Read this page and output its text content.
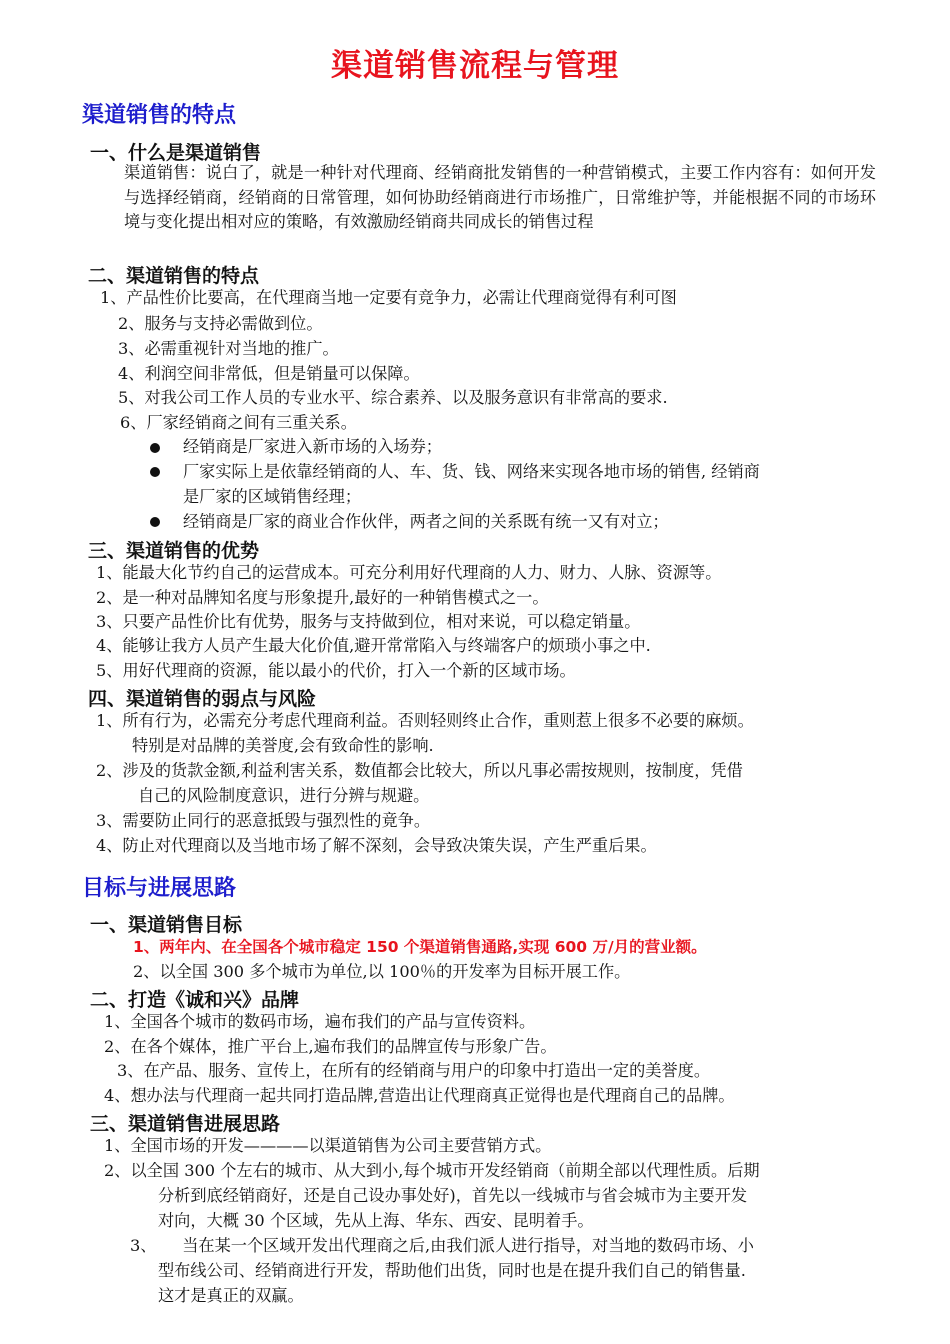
渠道销售流程与管理
渠道销售的特点
一、什么是渠道销售
渠道销售：说白了，就是一种针对代理商、经销商批发销售的一种营销模式，主要工作内容有：如何开发与选择经销商，经销商的日常管理，如何协助经销商进行市场推广，日常维护等，并能根据不同的市场环境与变化提出相对应的策略，有效激励经销商共同成长的销售过程
二、渠道销售的特点
1、产品性价比要高，在代理商当地一定要有竞争力，必需让代理商觉得有利可图
2、服务与支持必需做到位。
3、必需重视针对当地的推广。
4、利润空间非常低，但是销量可以保障。
5、对我公司工作人员的专业水平、综合素养、以及服务意识有非常高的要求.
6、厂家经销商之间有三重关系。
经销商是厂家进入新市场的入场券；
厂家实际上是依靠经销商的人、车、货、钱、网络来实现各地市场的销售, 经销商
是厂家的区域销售经理；
经销商是厂家的商业合作伙伴，两者之间的关系既有统一又有对立；
三、渠道销售的优势
1、能最大化节约自己的运营成本。可充分利用好代理商的人力、财力、人脉、资源等。
2、是一种对品牌知名度与形象提升,最好的一种销售模式之一。
3、只要产品性价比有优势，服务与支持做到位，相对来说，可以稳定销量。
4、能够让我方人员产生最大化价值,避开常常陷入与终端客户的烦琐小事之中.
5、用好代理商的资源，能以最小的代价，打入一个新的区域市场。
四、渠道销售的弱点与风险
1、所有行为，必需充分考虑代理商利益。否则轻则终止合作，重则惹上很多不必要的麻烦。
特别是对品牌的美誉度,会有致命性的影响.
2、涉及的货款金额,利益利害关系，数值都会比较大，所以凡事必需按规则，按制度，凭借
自己的风险制度意识，进行分辨与规避。
3、需要防止同行的恶意抵毁与强烈性的竟争。
4、防止对代理商以及当地市场了解不深刻，会导致决策失误，产生严重后果。
目标与进展思路
一、渠道销售目标
1、两年内、在全国各个城市稳定 150 个渠道销售通路,实现 600 万/月的营业额。
2、以全国 300 多个城市为单位,以 100％的开发率为目标开展工作。
二、打造《诚和兴》品牌
1、全国各个城市的数码市场，遍布我们的产品与宣传资料。
2、在各个媒体，推广平台上,遍布我们的品牌宣传与形象广告。
3、在产品、服务、宣传上，在所有的经销商与用户的印象中打造出一定的美誉度。
4、想办法与代理商一起共同打造品牌,营造出让代理商真正觉得也是代理商自己的品牌。
三、渠道销售进展思路
1、全国市场的开发————以渠道销售为公司主要营销方式。
2、以全国 300 个左右的城市、从大到小,每个城市开发经销商（前期全部以代理性质。后期
分析到底经销商好，还是自己设办事处好)，首先以一线城市与省会城市为主要开发
对向，大概 30 个区域，先从上海、华东、西安、昆明着手。
3、     当在某一个区域开发出代理商之后,由我们派人进行指导，对当地的数码市场、小
型布线公司、经销商进行开发，帮助他们出货，同时也是在提升我们自己的销售量.
这才是真正的双赢。
